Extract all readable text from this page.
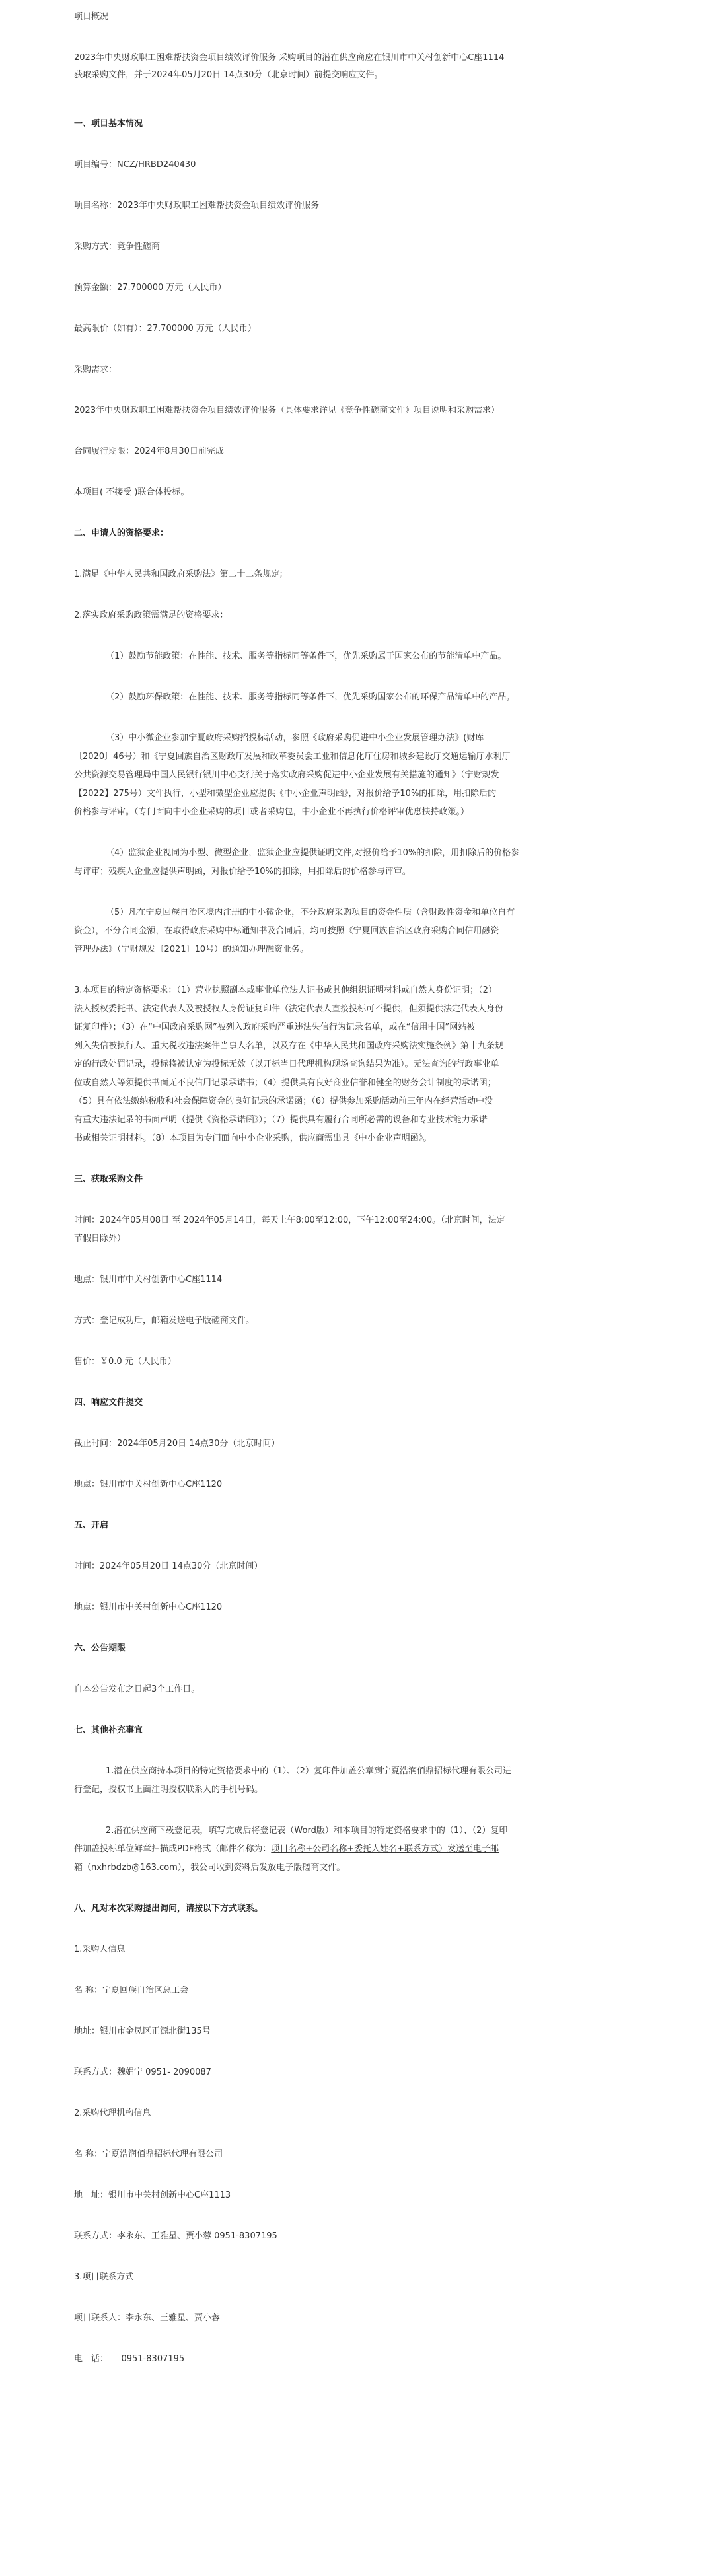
项目概况
2023年中央财政职工困难帮扶资金项目绩效评价服务 采购项目的潜在供应商应在银川市中关村创新中心C座1114
获取采购文件，并于2024年05月20日 14点30分（北京时间）前提交响应文件。
一、项目基本情况
项目编号：NCZ/HRBD240430
项目名称：2023年中央财政职工困难帮扶资金项目绩效评价服务
采购方式：竞争性磋商
预算金额：27.700000 万元（人民币）
最高限价（如有）：27.700000 万元（人民币）
采购需求：
2023年中央财政职工困难帮扶资金项目绩效评价服务（具体要求详见《竞争性磋商文件》项目说明和采购需求）
合同履行期限：2024年8月30日前完成
本项目( 不接受 )联合体投标。
二、申请人的资格要求：
1.满足《中华人民共和国政府采购法》第二十二条规定;
2.落实政府采购政策需满足的资格要求：
（1）鼓励节能政策：在性能、技术、服务等指标同等条件下，优先采购属于国家公布的节能清单中产品。
（2）鼓励环保政策：在性能、技术、服务等指标同等条件下，优先采购国家公布的环保产品清单中的产品。
（3）中小微企业参加宁夏政府采购招投标活动，参照《政府采购促进中小企业发展管理办法》(财库
〔2020〕46号）和《宁夏回族自治区财政厅发展和改革委员会工业和信息化厅住房和城乡建设厅交通运输厅水利厅
公共资源交易管理局中国人民银行银川中心支行关于落实政府采购促进中小企业发展有关措施的通知》（宁财规发
【2022】275号）文件执行，小型和微型企业应提供《中小企业声明函》，对报价给予10%的扣除，用扣除后的
价格参与评审。（专门面向中小企业采购的项目或者采购包，中小企业不再执行价格评审优惠扶持政策。）
（4）监狱企业视同为小型、微型企业，监狱企业应提供证明文件,对报价给予10%的扣除，用扣除后的价格参
与评审；残疾人企业应提供声明函，对报价给予10%的扣除，用扣除后的价格参与评审。
（5）凡在宁夏回族自治区境内注册的中小微企业，不分政府采购项目的资金性质（含财政性资金和单位自有
资金），不分合同金额，在取得政府采购中标通知书及合同后，均可按照《宁夏回族自治区政府采购合同信用融资
管理办法》（宁财规发〔2021〕10号）的通知办理融资业务。
3.本项目的特定资格要求：（1）营业执照副本或事业单位法人证书或其他组织证明材料或自然人身份证明；（2）
法人授权委托书、法定代表人及被授权人身份证复印件（法定代表人直接投标可不提供，但须提供法定代表人身份
证复印件）；（3）在“中国政府采购网”被列入政府采购严重违法失信行为记录名单，或在“信用中国”网站被
列入失信被执行人、重大税收违法案件当事人名单，以及存在《中华人民共和国政府采购法实施条例》第十九条规
定的行政处罚记录，投标将被认定为投标无效（以开标当日代理机构现场查询结果为准）。无法查询的行政事业单
位或自然人等须提供书面无不良信用记录承诺书；（4）提供具有良好商业信誉和健全的财务会计制度的承诺函；
（5）具有依法缴纳税收和社会保障资金的良好记录的承诺函；（6）提供参加采购活动前三年内在经营活动中没
有重大违法记录的书面声明（提供《资格承诺函》）；（7）提供具有履行合同所必需的设备和专业技术能力承诺
书或相关证明材料。（8）本项目为专门面向中小企业采购，供应商需出具《中小企业声明函》。
三、获取采购文件
时间：2024年05月08日 至 2024年05月14日，每天上午8:00至12:00，下午12:00至24:00。（北京时间，法定
节假日除外）
地点：银川市中关村创新中心C座1114
方式：登记成功后，邮箱发送电子版磋商文件。
售价：￥0.0 元（人民币）
四、响应文件提交
截止时间：2024年05月20日 14点30分（北京时间）
地点：银川市中关村创新中心C座1120
五、开启
时间：2024年05月20日 14点30分（北京时间）
地点：银川市中关村创新中心C座1120
六、公告期限
自本公告发布之日起3个工作日。
七、其他补充事宜
1.潜在供应商持本项目的特定资格要求中的（1）、（2）复印件加盖公章到宁夏浩润佰鼎招标代理有限公司进
行登记，授权书上面注明授权联系人的手机号码。
2.潜在供应商下载登记表，填写完成后将登记表（Word版）和本项目的特定资格要求中的（1）、（2）复印
件加盖投标单位鲜章扫描成PDF格式（邮件名称为：项目名称+公司名称+委托人姓名+联系方式）发送至电子邮
箱（nxhrbdzb@163.com），我公司收到资料后发放电子版磋商文件。
八、凡对本次采购提出询问，请按以下方式联系。
1.采购人信息
名 称：宁夏回族自治区总工会
地址：银川市金凤区正源北街135号
联系方式：魏娟宁 0951- 2090087
2.采购代理机构信息
名 称：宁夏浩润佰鼎招标代理有限公司
地　址：银川市中关村创新中心C座1113
联系方式：李永东、王雅星、贾小蓉 0951-8307195
3.项目联系方式
项目联系人：李永东、王雅星、贾小蓉
电　话：　　0951-8307195
